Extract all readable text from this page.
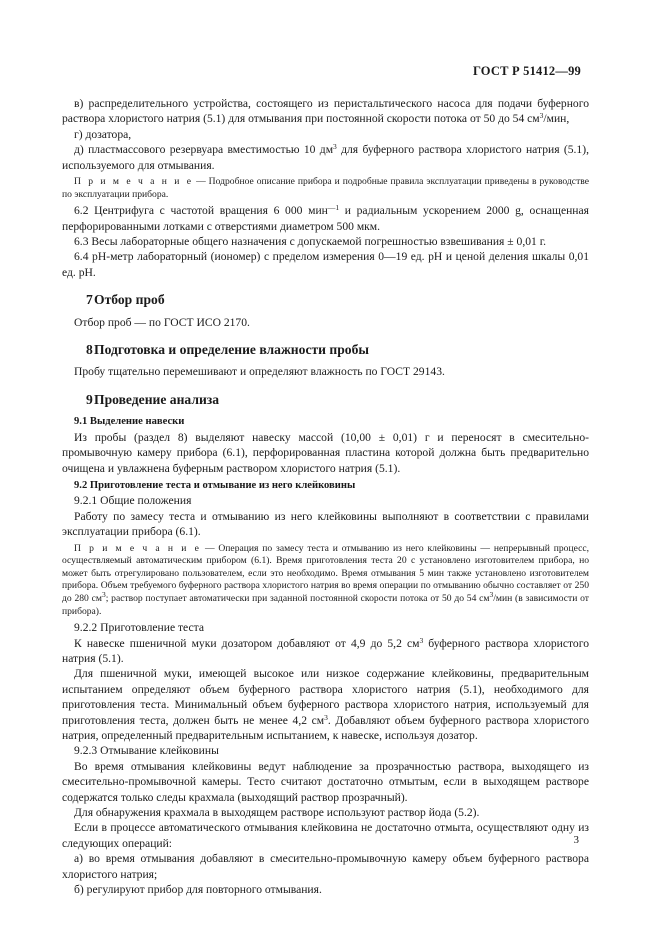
ГОСТ Р 51412—99

в) распределительного устройства, состоящего из перистальтического насоса для подачи буферного раствора хлористого натрия (5.1) для отмывания при постоянной скорости потока от 50 до 54 $см^3$/мин,

г) дозатора,

д) пластмассового резервуара вместимостью 10 $дм^3$ для буферного раствора хлористого натрия (5.1), используемого для отмывания.

П р и м е ч а н и е — Подробное описание прибора и подробные правила эксплуатации приведены в руководстве по эксплуатации прибора.

6.2 Центрифуга с частотой вращения 6 000 мин$^{—1}$ и радиальным ускорением 2000 g, оснащенная перфорированными лотками с отверстиями диаметром 500 мкм.

6.3 Весы лабораторные общего назначения с допускаемой погрешностью взвешивания ± 0,01 г.

6.4 pH-метр лабораторный (иономер) с пределом измерения 0—19 ед. pH и ценой деления шкалы 0,01 ед. pH.

7Отбор проб

Отбор проб — по ГОСТ ИСО 2170.

8Подготовка и определение влажности пробы

Пробу тщательно перемешивают и определяют влажность по ГОСТ 29143.

9Проведение анализа

9.1 Выделение навески

Из пробы (раздел 8) выделяют навеску массой (10,00 ± 0,01) г и переносят в смесительно-промывочную камеру прибора (6.1), перфорированная пластина которой должна быть предварительно очищена и увлажнена буферным раствором хлористого натрия (5.1).

9.2 Приготовление теста и отмывание из него клейковины

9.2.1 Общие положения

Работу по замесу теста и отмыванию из него клейковины выполняют в соответствии с правилами эксплуатации прибора (6.1).

П р и м е ч а н и е — Операция по замесу теста и отмыванию из него клейковины — непрерывный процесс, осуществляемый автоматическим прибором (6.1). Время приготовления теста 20 с установлено изготовителем прибора, но может быть отрегулировано пользователем, если это необходимо. Время отмывания 5 мин также установлено изготовителем прибора. Объем требуемого буферного раствора хлористого натрия во время операции по отмыванию обычно составляет от 250 до 280 $см^3$; раствор поступает автоматически при заданной постоянной скорости потока от 50 до 54 $см^3$/мин (в зависимости от прибора).

9.2.2 Приготовление теста

К навеске пшеничной муки дозатором добавляют от 4,9 до 5,2 $см^3$ буферного раствора хлористого натрия (5.1).

Для пшеничной муки, имеющей высокое или низкое содержание клейковины, предварительным испытанием определяют объем буферного раствора хлористого натрия (5.1), необходимого для приготовления теста. Минимальный объем буферного раствора хлористого натрия, используемый для приготовления теста, должен быть не менее 4,2 $см^3$. Добавляют объем буферного раствора хлористого натрия, определенный предварительным испытанием, к навеске, используя дозатор.

9.2.3 Отмывание клейковины

Во время отмывания клейковины ведут наблюдение за прозрачностью раствора, выходящего из смесительно-промывочной камеры. Тесто считают достаточно отмытым, если в выходящем растворе содержатся только следы крахмала (выходящий раствор прозрачный).

Для обнаружения крахмала в выходящем растворе используют раствор йода (5.2).

Если в процессе автоматического отмывания клейковина не достаточно отмыта, осуществляют одну из следующих операций:

а) во время отмывания добавляют в смесительно-промывочную камеру объем буферного раствора хлористого натрия;

б) регулируют прибор для повторного отмывания.

3
